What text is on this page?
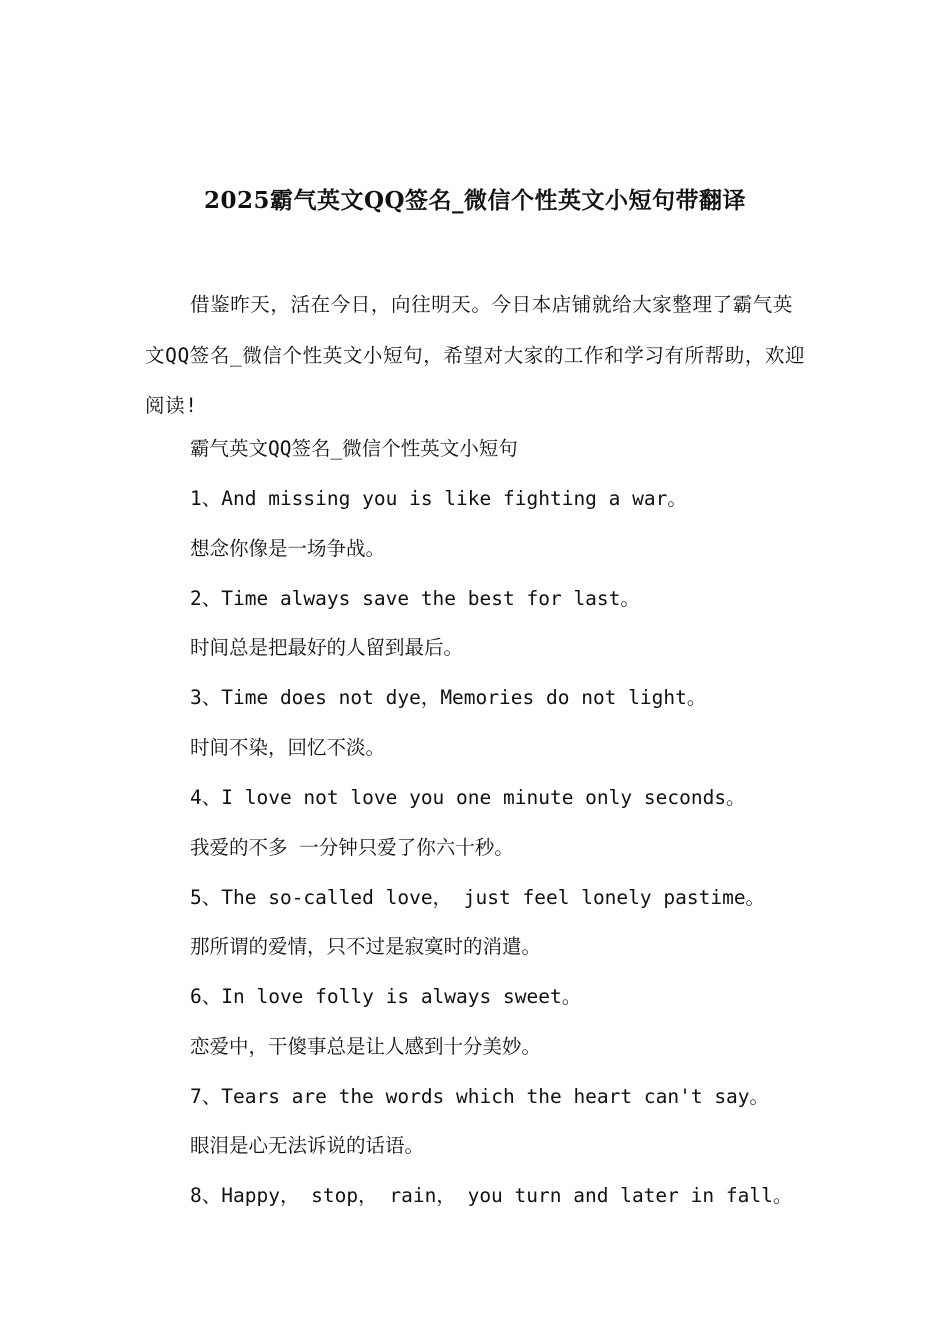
2025霸气英文QQ签名_微信个性英文小短句带翻译

借鉴昨天，活在今日，向往明天。今日本店铺就给大家整理了霸气英文QQ签名_微信个性英文小短句，希望对大家的工作和学习有所帮助，欢迎阅读!

霸气英文QQ签名_微信个性英文小短句

1、And missing you is like fighting a war。

想念你像是一场争战。

2、Time always save the best for last。

时间总是把最好的人留到最后。

3、Time does not dye，Memories do not light。

时间不染，回忆不淡。

4、I love not love you one minute only seconds。

我爱的不多 一分钟只爱了你六十秒。

5、The so-called love， just feel lonely pastime。

那所谓的爱情，只不过是寂寞时的消遣。

6、In love folly is always sweet。

恋爱中，干傻事总是让人感到十分美妙。

7、Tears are the words which the heart can't say。

眼泪是心无法诉说的话语。

8、Happy， stop， rain， you turn and later in fall。
